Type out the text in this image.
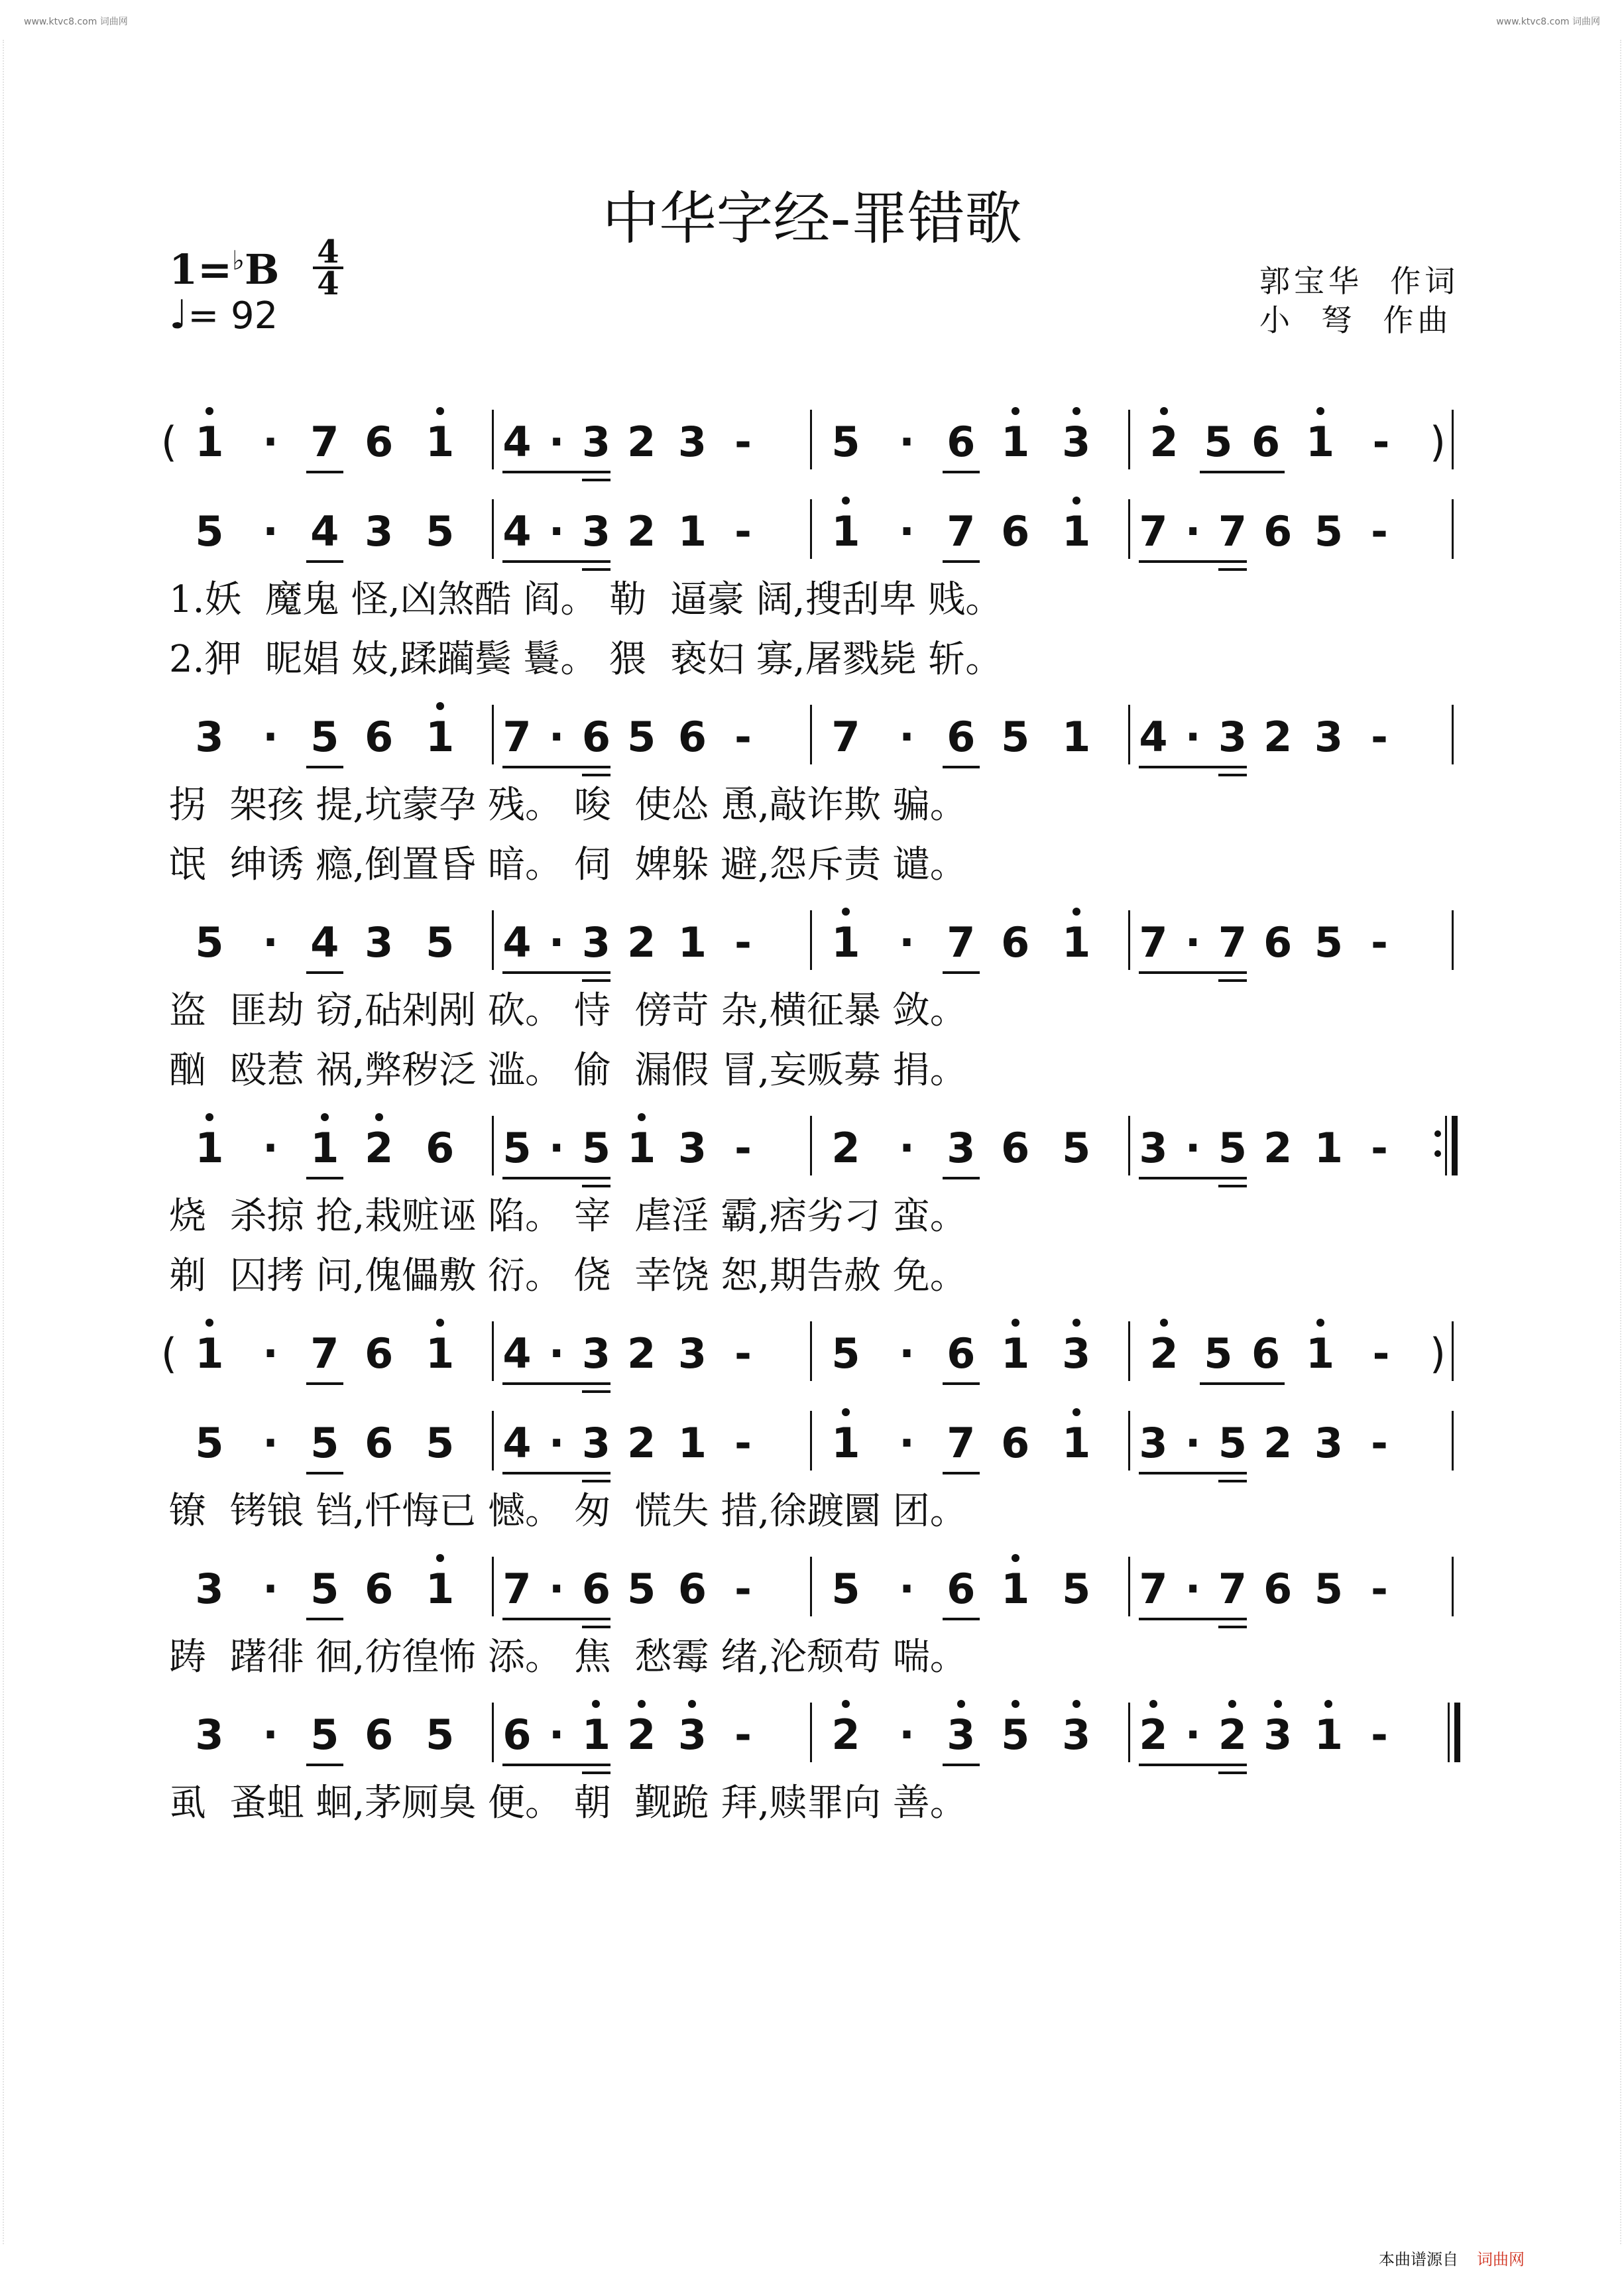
www.ktvc8.com 词曲网	www.ktvc8.com 词曲网
中华字经-罪错歌
1=♭B 4
4
♩= 92
郭宝华  作词
小  弩  作曲
( 1 · 7 6 1	4 · 3 2 3 -	5 · 6 1 3	2 5 6 1 - )
5 · 4 3 5	4 · 3 2 1 -	1 · 7 6 1	7 · 7 6 5 -
1.妖  魔鬼 怪,凶煞酷 阎。 勒  逼豪 阔,搜刮卑 贱。
2.狎  昵娼 妓,蹂躏鬓 鬟。 猥  亵妇 寡,屠戮毙 斩。
3 · 5 6 1	7 · 6 5 6 -	7 · 6 5 1	4 · 3 2 3 -
拐  架孩 提,坑蒙孕 残。 唆  使怂 恿,敲诈欺 骗。
氓  绅诱 瘾,倒置昏 暗。 伺  婢躲 避,怨斥责 谴。
5 · 4 3 5	4 · 3 2 1 -	1 · 7 6 1	7 · 7 6 5 -
盗  匪劫 窃,砧剁剐 砍。 恃  傍苛 杂,横征暴 敛。
酗  殴惹 祸,弊秽泛 滥。 偷  漏假 冒,妄贩募 捐。
1 · 1 2 6	5 · 5 1 3 -	2 · 3 6 5	3 · 5 2 1 -
烧  杀掠 抢,栽赃诬 陷。 宰  虐淫 霸,痞劣刁 蛮。
剃  囚拷 问,傀儡敷 衍。 侥  幸饶 恕,期告赦 免。
( 1 · 7 6 1	4 · 3 2 3 -	5 · 6 1 3	2 5 6 1 - )
5 · 5 6 5	4 · 3 2 1 -	1 · 7 6 1	3 · 5 2 3 -
镣  铐锒 铛,忏悔已 憾。 匆  慌失 措,徐踱圜 团。
3 · 5 6 1	7 · 6 5 6 -	5 · 6 1 5	7 · 7 6 5 -
踌  躇徘 徊,彷徨怖 添。 焦  愁霉 绪,沦颓苟 喘。
3 · 5 6 5	6 · 1 2 3 -	2 · 3 5 3	2 · 2 3 1 -
虱  蚤蛆 蛔,茅厕臭 便。 朝  觐跪 拜,赎罪向 善。
本曲谱源自 词曲网
